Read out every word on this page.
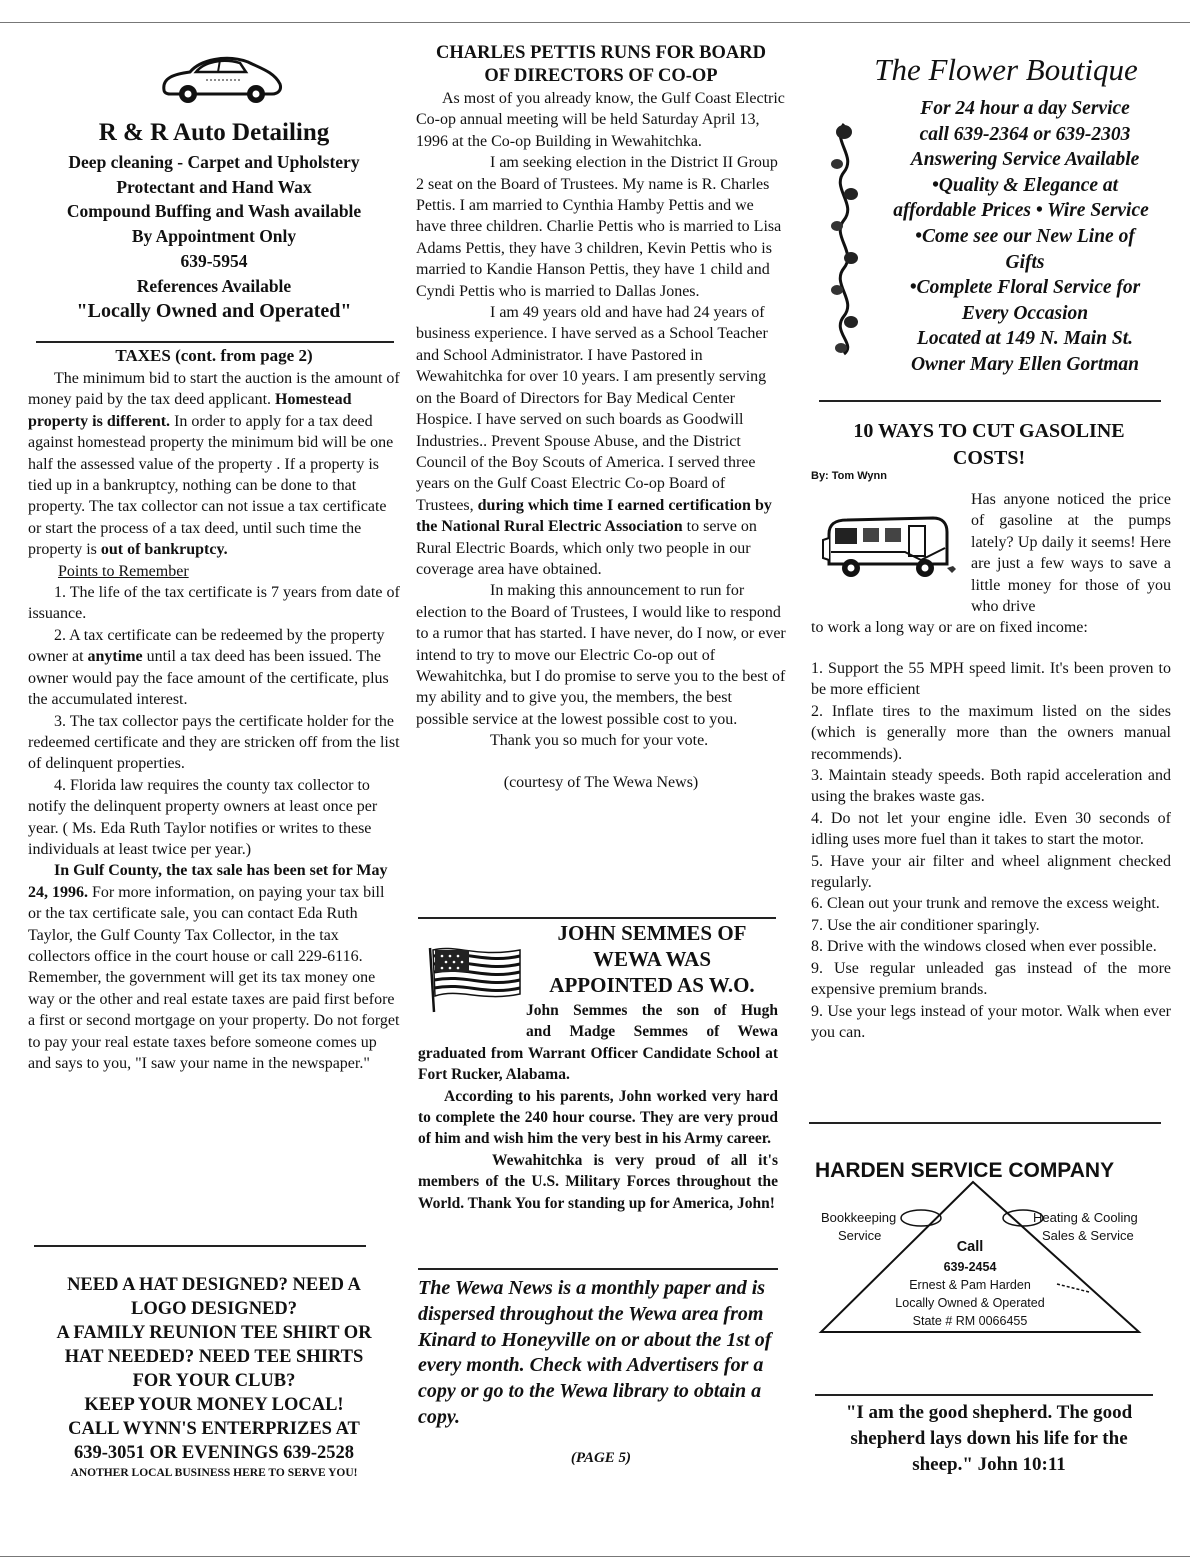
R & R Auto Detailing

Deep cleaning - Carpet and Upholstery

Protectant and Hand Wax

Compound Buffing and Wash available

By Appointment Only

639-5954

References Available

"Locally Owned and Operated"

TAXES (cont. from page 2)

The minimum bid to start the auction is the amount of money paid by the tax deed applicant. Homestead property is different. In order to apply for a tax deed against homestead property the minimum bid will be one half the assessed value of the property . If a property is tied up in a bankruptcy, nothing can be done to that property. The tax collector can not issue a tax certificate or start the process of a tax deed, until such time the property is out of bankruptcy.

Points to Remember

1. The life of the tax certificate is 7 years from date of issuance.

2. A tax certificate can be redeemed by the property owner at anytime until a tax deed has been issued. The owner would pay the face amount of the certificate, plus the accumulated interest.

3. The tax collector pays the certificate holder for the redeemed certificate and they are stricken off from the list of delinquent properties.

4. Florida law requires the county tax collector to notify the delinquent property owners at least once per year. ( Ms. Eda Ruth Taylor notifies or writes to these individuals at least twice per year.)

In Gulf County, the tax sale has been set for May 24, 1996. For more information, on paying your tax bill or the tax certificate sale, you can contact Eda Ruth Taylor, the Gulf County Tax Collector, in the tax collectors office in the court house or call 229-6116. Remember, the government will get its tax money one way or the other and real estate taxes are paid first before a first or second mortgage on your property. Do not forget to pay your real estate taxes before someone comes up and says to you, "I saw your name in the newspaper."

NEED A HAT DESIGNED? NEED A

LOGO DESIGNED?

A FAMILY REUNION TEE SHIRT OR

HAT NEEDED? NEED TEE SHIRTS

FOR YOUR CLUB?

KEEP YOUR MONEY LOCAL!

CALL WYNN'S ENTERPRIZES AT

639-3051 OR EVENINGS 639-2528

ANOTHER LOCAL BUSINESS HERE TO SERVE YOU!

CHARLES PETTIS RUNS FOR BOARD

OF DIRECTORS OF CO-OP

As most of you already know, the Gulf Coast Electric Co-op annual meeting will be held Saturday April 13, 1996 at the Co-op Building in Wewahitchka.

I am seeking election in the District II Group 2 seat on the Board of Trustees. My name is R. Charles Pettis. I am married to Cynthia Hamby Pettis and we have three children. Charlie Pettis who is married to Lisa Adams Pettis, they have 3 children, Kevin Pettis who is married to Kandie Hanson Pettis, they have 1 child and Cyndi Pettis who is married to Dallas Jones.

I am 49 years old and have had 24 years of business experience. I have served as a School Teacher and School Administrator. I have Pastored in Wewahitchka for over 10 years. I am presently serving on the Board of Directors for Bay Medical Center Hospice. I have served on such boards as Goodwill Industries.. Prevent Spouse Abuse, and the District Council of the Boy Scouts of America. I served three years on the Gulf Coast Electric Co-op Board of Trustees, during which time I earned certification by the National Rural Electric Association to serve on Rural Electric Boards, which only two people in our coverage area have obtained.

In making this announcement to run for election to the Board of Trustees, I would like to respond to a rumor that has started. I have never, do I now, or ever intend to try to move our Electric Co-op out of Wewahitchka, but I do promise to serve you to the best of my ability and to give you, the members, the best possible service at the lowest possible cost to you.

Thank you so much for your vote.

(courtesy of The Wewa News)

JOHN SEMMES OF

WEWA WAS

APPOINTED AS W.O.

John Semmes the son of Hugh

and Madge Semmes of Wewa

graduated from Warrant Officer Candidate School at Fort Rucker, Alabama.

According to his parents, John worked very hard to complete the 240 hour course. They are very proud of him and wish him the very best in his Army career.

Wewahitchka is very proud of all it's members of the U.S. Military Forces throughout the World. Thank You for standing up for America, John!

The Wewa News is a monthly paper and is dispersed throughout the Wewa area from Kinard to Honeyville on or about the 1st of every month. Check with Advertisers for a copy or go to the Wewa library to obtain a copy.

(PAGE 5)

The Flower Boutique

For 24 hour a day Service

call 639-2364 or 639-2303

Answering Service Available

•Quality & Elegance at

affordable Prices • Wire Service

•Come see our New Line of

Gifts

•Complete Floral Service for

Every Occasion

Located at 149 N. Main St.

Owner Mary Ellen Gortman

10 WAYS TO CUT GASOLINE

COSTS!

By: Tom Wynn

Has anyone noticed the price of gasoline at the pumps lately? Up daily it seems! Here are just a few ways to save a little money for those of you who drive

to work a long way or are on fixed income:

1. Support the 55 MPH speed limit. It's been proven to be more efficient

2. Inflate tires to the maximum listed on the sides (which is generally more than the owners manual recommends).

3. Maintain steady speeds. Both rapid acceleration and using the brakes waste gas.

4. Do not let your engine idle. Even 30 seconds of idling uses more fuel than it takes to start the motor.

5. Have your air filter and wheel alignment checked regularly.

6. Clean out your trunk and remove the excess weight.

7. Use the air conditioner sparingly.

8. Drive with the windows closed when ever possible.

9. Use regular unleaded gas instead of the more expensive premium brands.

9. Use your legs instead of your motor. Walk when ever you can.

HARDEN SERVICE COMPANY

Bookkeeping

Service

Heating & Cooling

Sales & Service

Call

639-2454

Ernest & Pam Harden

Locally Owned & Operated

State # RM 0066455

"I am the good shepherd. The good

shepherd lays down his life for the

sheep." John 10:11
